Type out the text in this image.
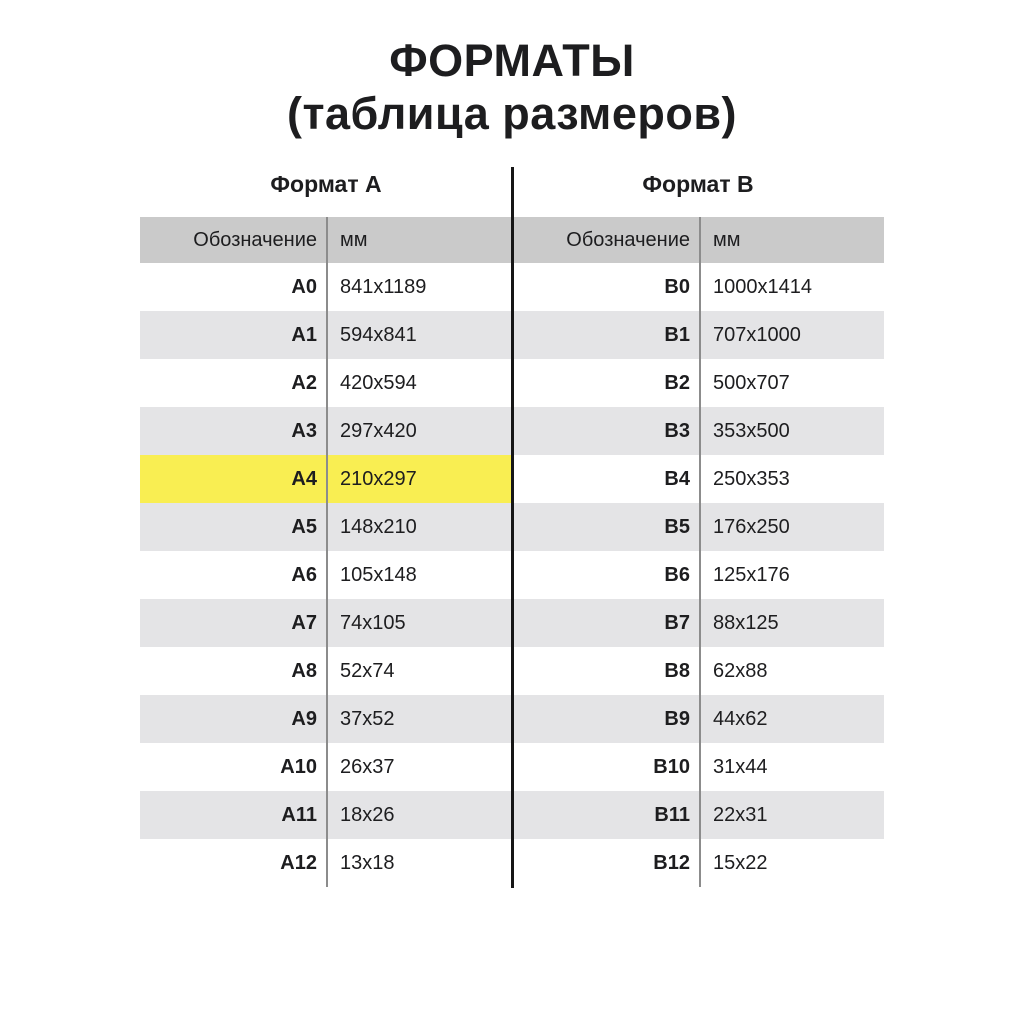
ФОРМАТЫ
(таблица размеров)
Формат А	Формат В
Обозначение	мм	Обозначение	мм
A0	841x1189	B0	1000x1414
A1	594x841	B1	707x1000
A2	420x594	B2	500x707
A3	297x420	B3	353x500
A4	210x297	B4	250x353
A5	148x210	B5	176x250
A6	105x148	B6	125x176
A7	74x105	B7	88x125
A8	52x74	B8	62x88
A9	37x52	B9	44x62
A10	26x37	B10	31x44
A11	18x26	B11	22x31
A12	13x18	B12	15x22
